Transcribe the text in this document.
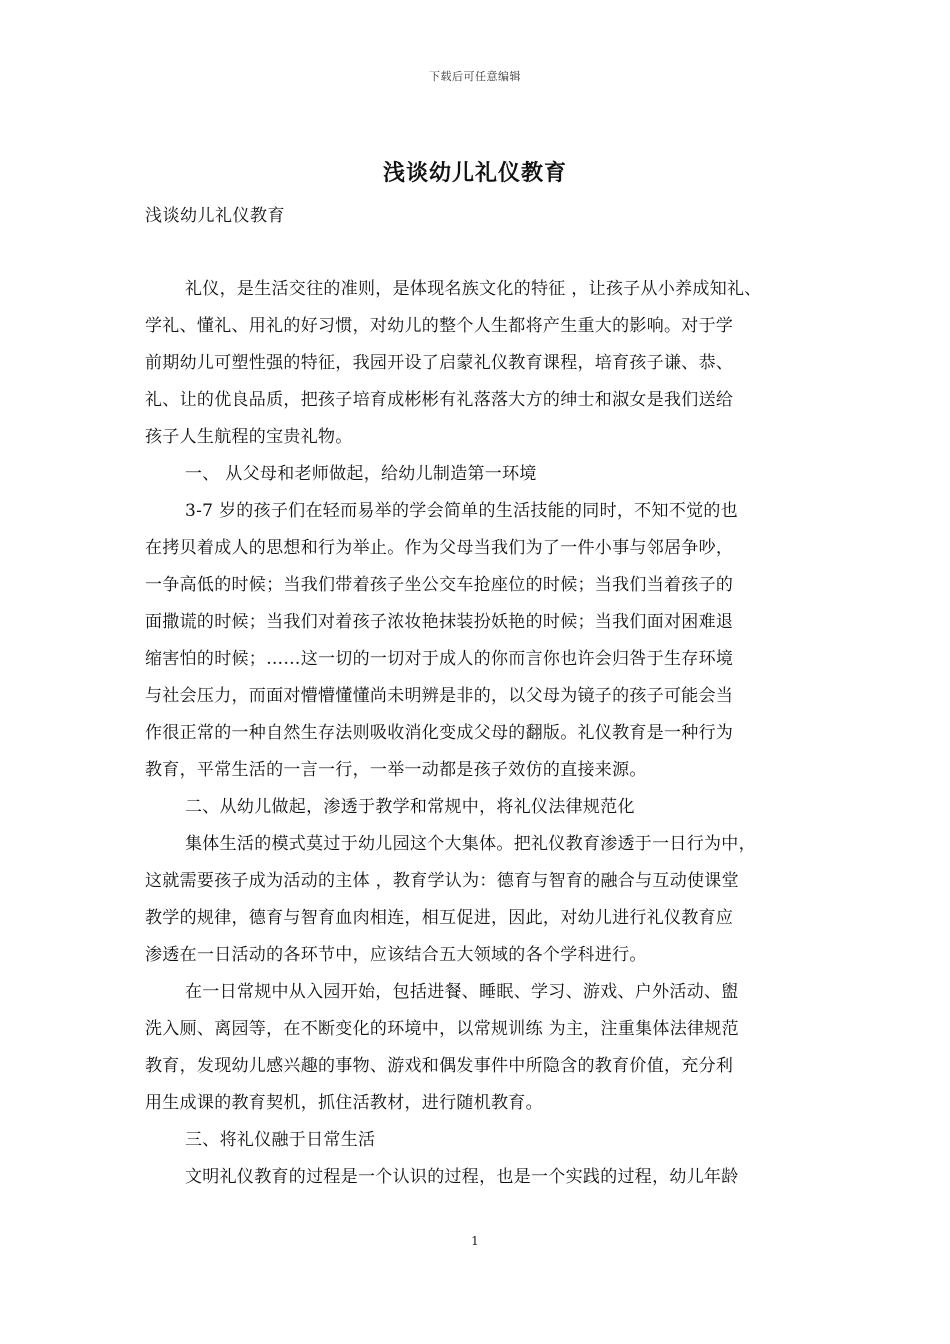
下载后可任意编辑
浅谈幼儿礼仪教育
浅谈幼儿礼仪教育
礼仪，是生活交往的准则，是体现名族文化的特征 ，让孩子从小养成知礼、
学礼、懂礼、用礼的好习惯，对幼儿的整个人生都将产生重大的影响。对于学
前期幼儿可塑性强的特征，我园开设了启蒙礼仪教育课程，培育孩子谦、恭、
礼、让的优良品质，把孩子培育成彬彬有礼落落大方的绅士和淑女是我们送给
孩子人生航程的宝贵礼物。
一、 从父母和老师做起，给幼儿制造第一环境
3-7 岁的孩子们在轻而易举的学会简单的生活技能的同时，不知不觉的也
在拷贝着成人的思想和行为举止。作为父母当我们为了一件小事与邻居争吵，
一争高低的时候；当我们带着孩子坐公交车抢座位的时候；当我们当着孩子的
面撒谎的时候；当我们对着孩子浓妆艳抹装扮妖艳的时候；当我们面对困难退
缩害怕的时候；……这一切的一切对于成人的你而言你也许会归咎于生存环境
与社会压力，而面对懵懵懂懂尚未明辨是非的，以父母为镜子的孩子可能会当
作很正常的一种自然生存法则吸收消化变成父母的翻版。礼仪教育是一种行为
教育，平常生活的一言一行，一举一动都是孩子效仿的直接来源。
二、从幼儿做起，渗透于教学和常规中，将礼仪法律规范化
集体生活的模式莫过于幼儿园这个大集体。把礼仪教育渗透于一日行为中，
这就需要孩子成为活动的主体 ，教育学认为：德育与智育的融合与互动使课堂
教学的规律，德育与智育血肉相连，相互促进，因此，对幼儿进行礼仪教育应
渗透在一日活动的各环节中，应该结合五大领域的各个学科进行。
在一日常规中从入园开始，包括进餐、睡眠、学习、游戏、户外活动、盥
洗入厕、离园等，在不断变化的环境中，以常规训练 为主，注重集体法律规范
教育，发现幼儿感兴趣的事物、游戏和偶发事件中所隐含的教育价值，充分利
用生成课的教育契机，抓住活教材，进行随机教育。
三、将礼仪融于日常生活
文明礼仪教育的过程是一个认识的过程，也是一个实践的过程，幼儿年龄
1
